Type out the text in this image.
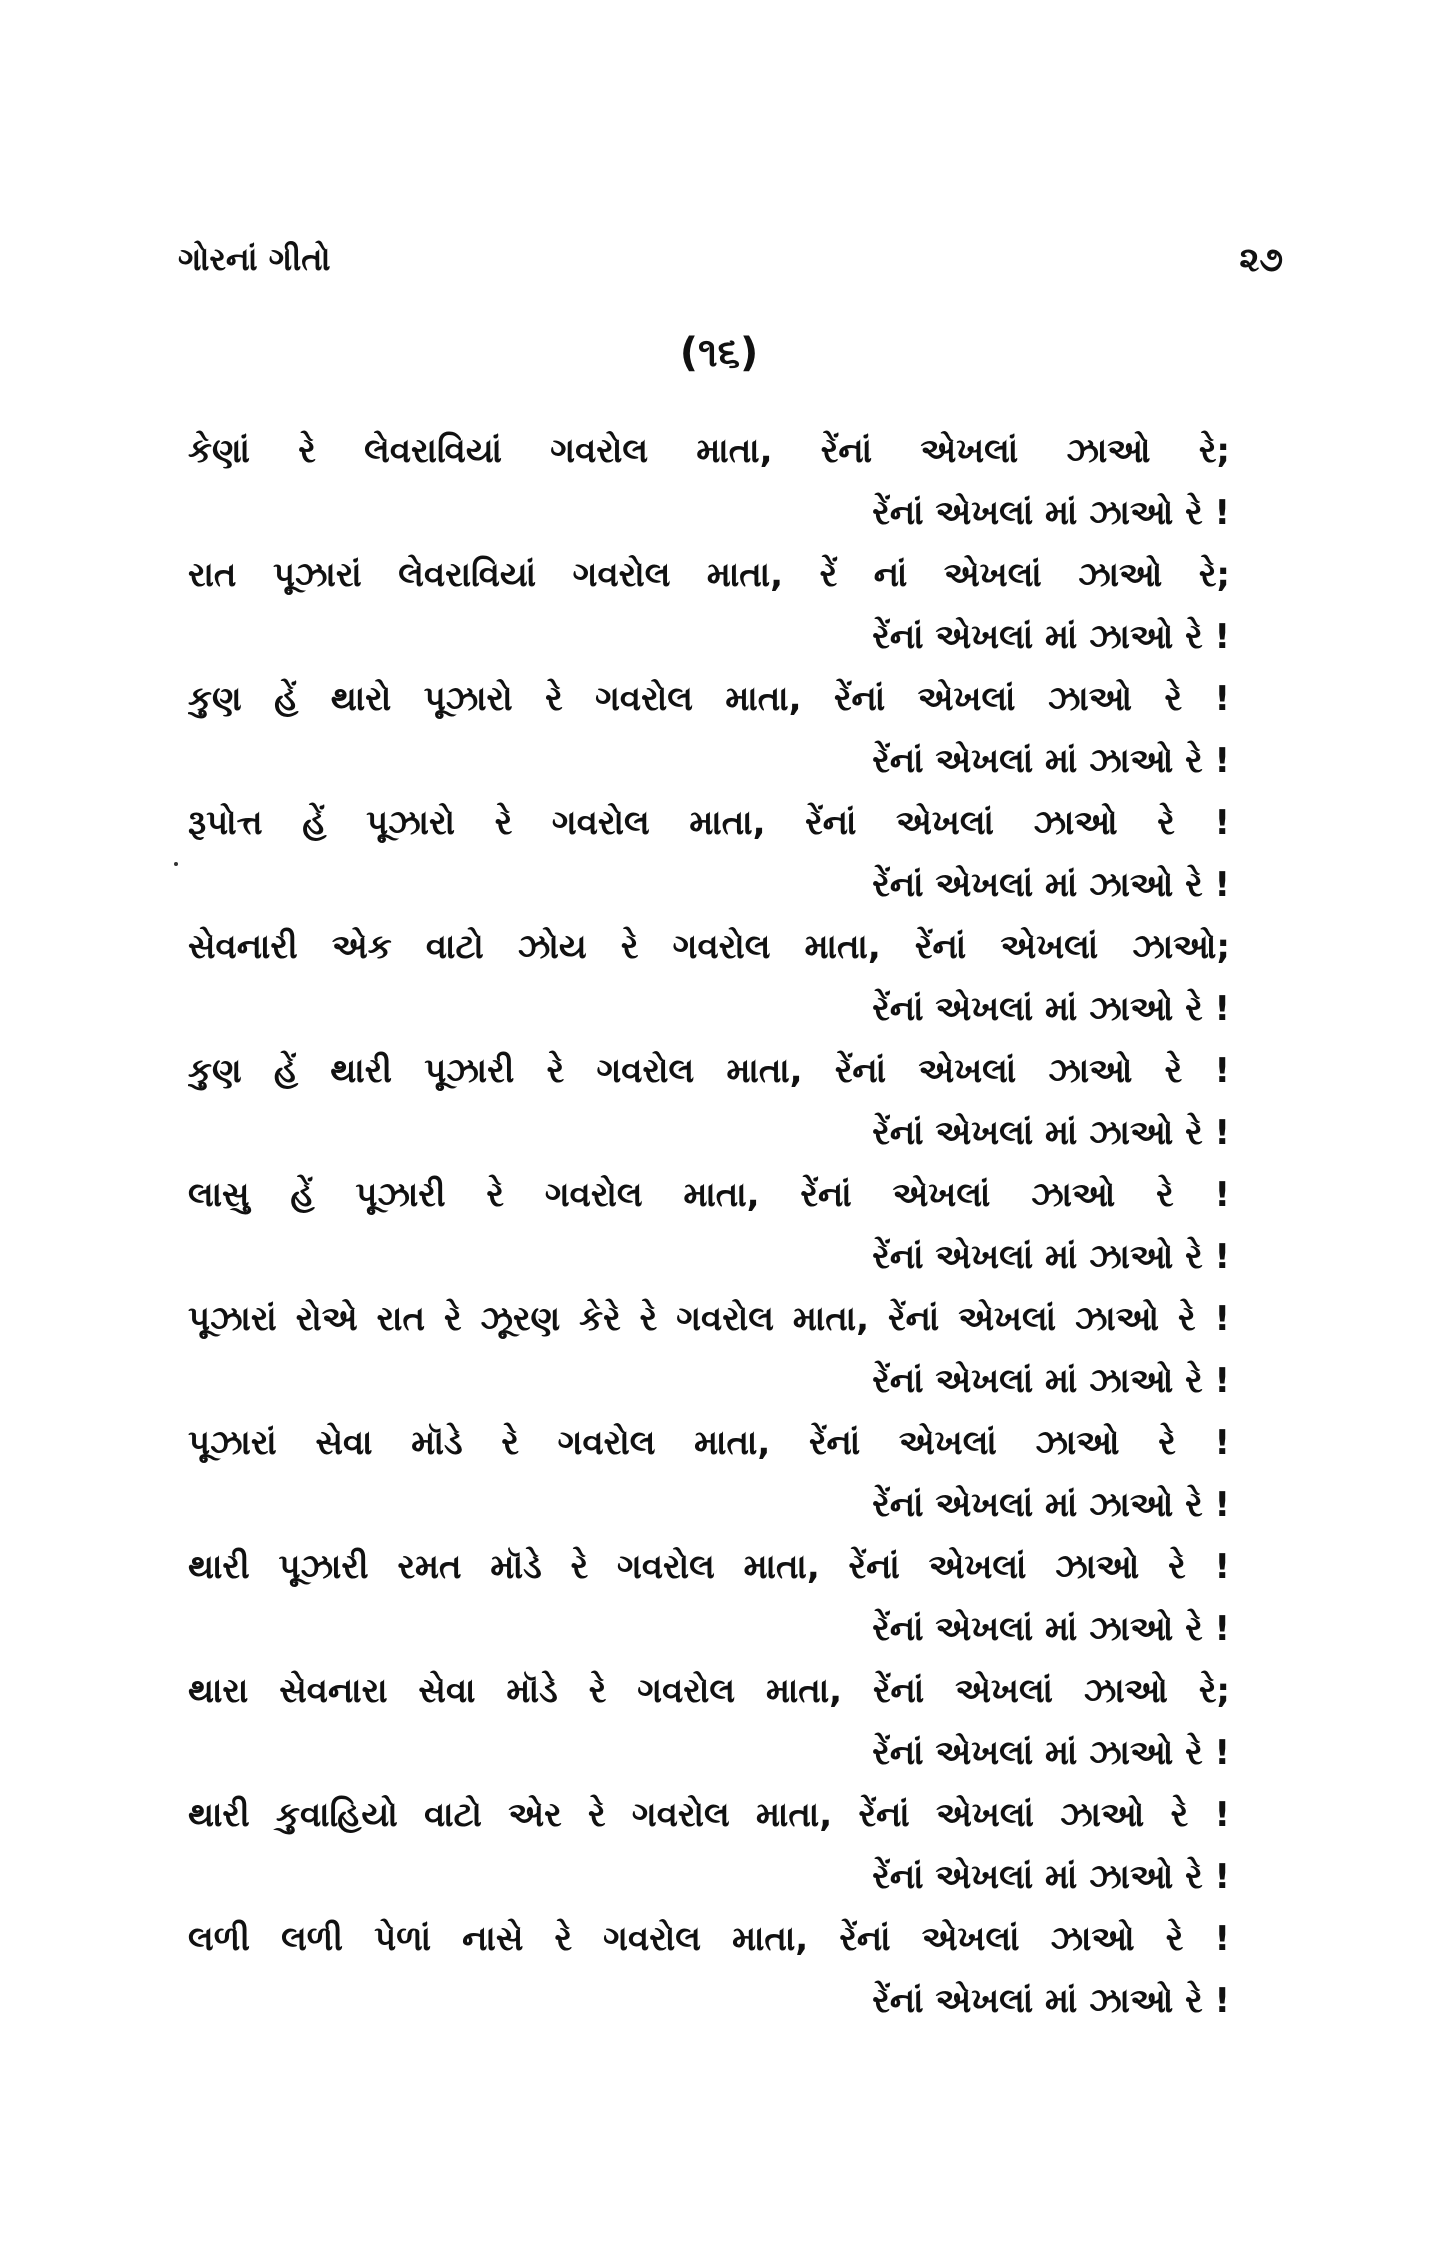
ગોરનાં ગીતો	૨૭
(૧૬)
કેણાં રે લેવરાવિયાં ગવરોલ માતા, રેંનાં એખલાં ઝાઓ રે;
રેંનાં એખલાં માં ઝાઓ રે !
રાત પૂઝારાં લેવરાવિયાં ગવરોલ માતા, રેં નાં એખલાં ઝાઓ રે;
રેંનાં એખલાં માં ઝાઓ રે !
કુણ હેં થારો પૂઝારો રે ગવરોલ માતા, રેંનાં એખલાં ઝાઓ રે !
રેંનાં એખલાં માં ઝાઓ રે !
રૂપોત્ત હેં પૂઝારો રે ગવરોલ માતા, રેંનાં એખલાં ઝાઓ રે !
રેંનાં એખલાં માં ઝાઓ રે !
સેવનારી એક વાટો ઝોય રે ગવરોલ માતા, રેંનાં એખલાં ઝાઓ;
રેંનાં એખલાં માં ઝાઓ રે !
કુણ હેં થારી પૂઝારી રે ગવરોલ માતા, રેંનાં એખલાં ઝાઓ રે !
રેંનાં એખલાં માં ઝાઓ રે !
લાસુ હેં પૂઝારી રે ગવરોલ માતા, રેંનાં એખલાં ઝાઓ રે !
રેંનાં એખલાં માં ઝાઓ રે !
પૂઝારાં રોએ રાત રે ઝૂરણ કેરે રે ગવરોલ માતા, રેંનાં એખલાં ઝાઓ રે !
રેંનાં એખલાં માં ઝાઓ રે !
પૂઝારાં સેવા મૉડે રે ગવરોલ માતા, રેંનાં એખલાં ઝાઓ રે !
રેંનાં એખલાં માં ઝાઓ રે !
થારી પૂઝારી રમત મૉડે રે ગવરોલ માતા, રેંનાં એખલાં ઝાઓ રે !
રેંનાં એખલાં માં ઝાઓ રે !
થારા સેવનારા સેવા મૉડે રે ગવરોલ માતા, રેંનાં એખલાં ઝાઓ રે;
રેંનાં એખલાં માં ઝાઓ રે !
થારી કુવાહિયો વાટો એર રે ગવરોલ માતા, રેંનાં એખલાં ઝાઓ રે !
રેંનાં એખલાં માં ઝાઓ રે !
લળી લળી પેળાં નાસે રે ગવરોલ માતા, રેંનાં એખલાં ઝાઓ રે !
રેંનાં એખલાં માં ઝાઓ રે !
